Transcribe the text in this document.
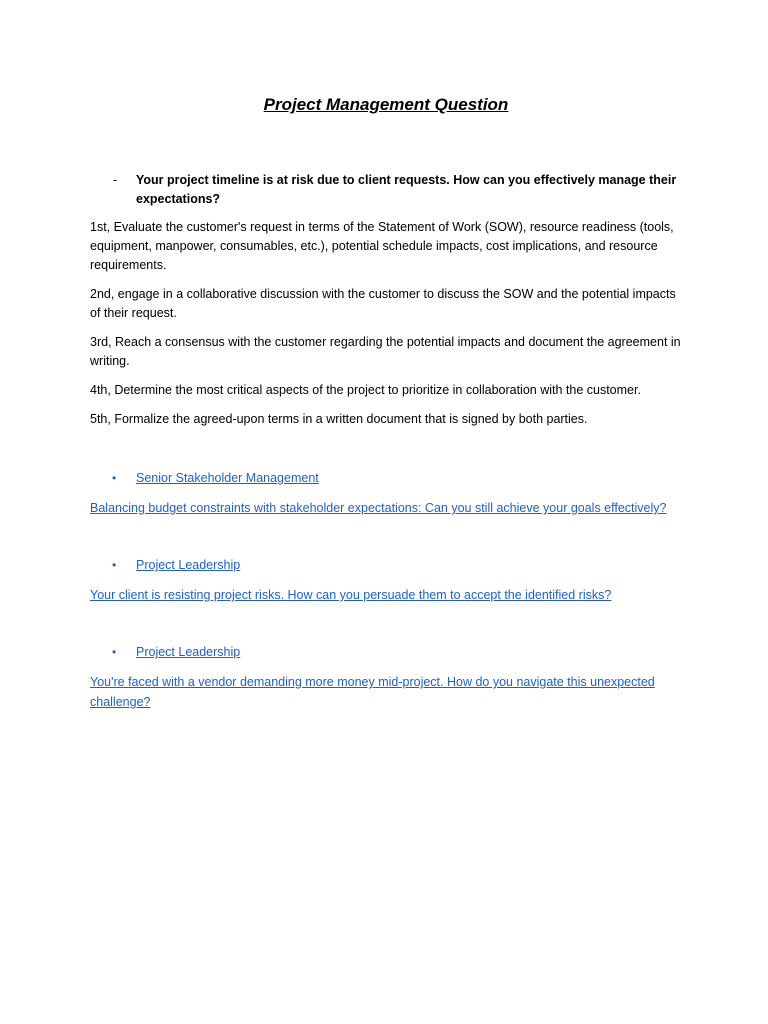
Project Management Question
-	Your project timeline is at risk due to client requests. How can you effectively manage their expectations?

1st, Evaluate the customer's request in terms of the Statement of Work (SOW), resource readiness (tools, equipment, manpower, consumables, etc.), potential schedule impacts, cost implications, and resource requirements.

2nd, engage in a collaborative discussion with the customer to discuss the SOW and the potential impacts of their request.

3rd, Reach a consensus with the customer regarding the potential impacts and document the agreement in writing.

4th, Determine the most critical aspects of the project to prioritize in collaboration with the customer.

5th, Formalize the agreed-upon terms in a written document that is signed by both parties.

•	Senior Stakeholder Management

Balancing budget constraints with stakeholder expectations: Can you still achieve your goals effectively?

•	Project Leadership

Your client is resisting project risks. How can you persuade them to accept the identified risks?

•	Project Leadership

You're faced with a vendor demanding more money mid-project. How do you navigate this unexpected challenge?
